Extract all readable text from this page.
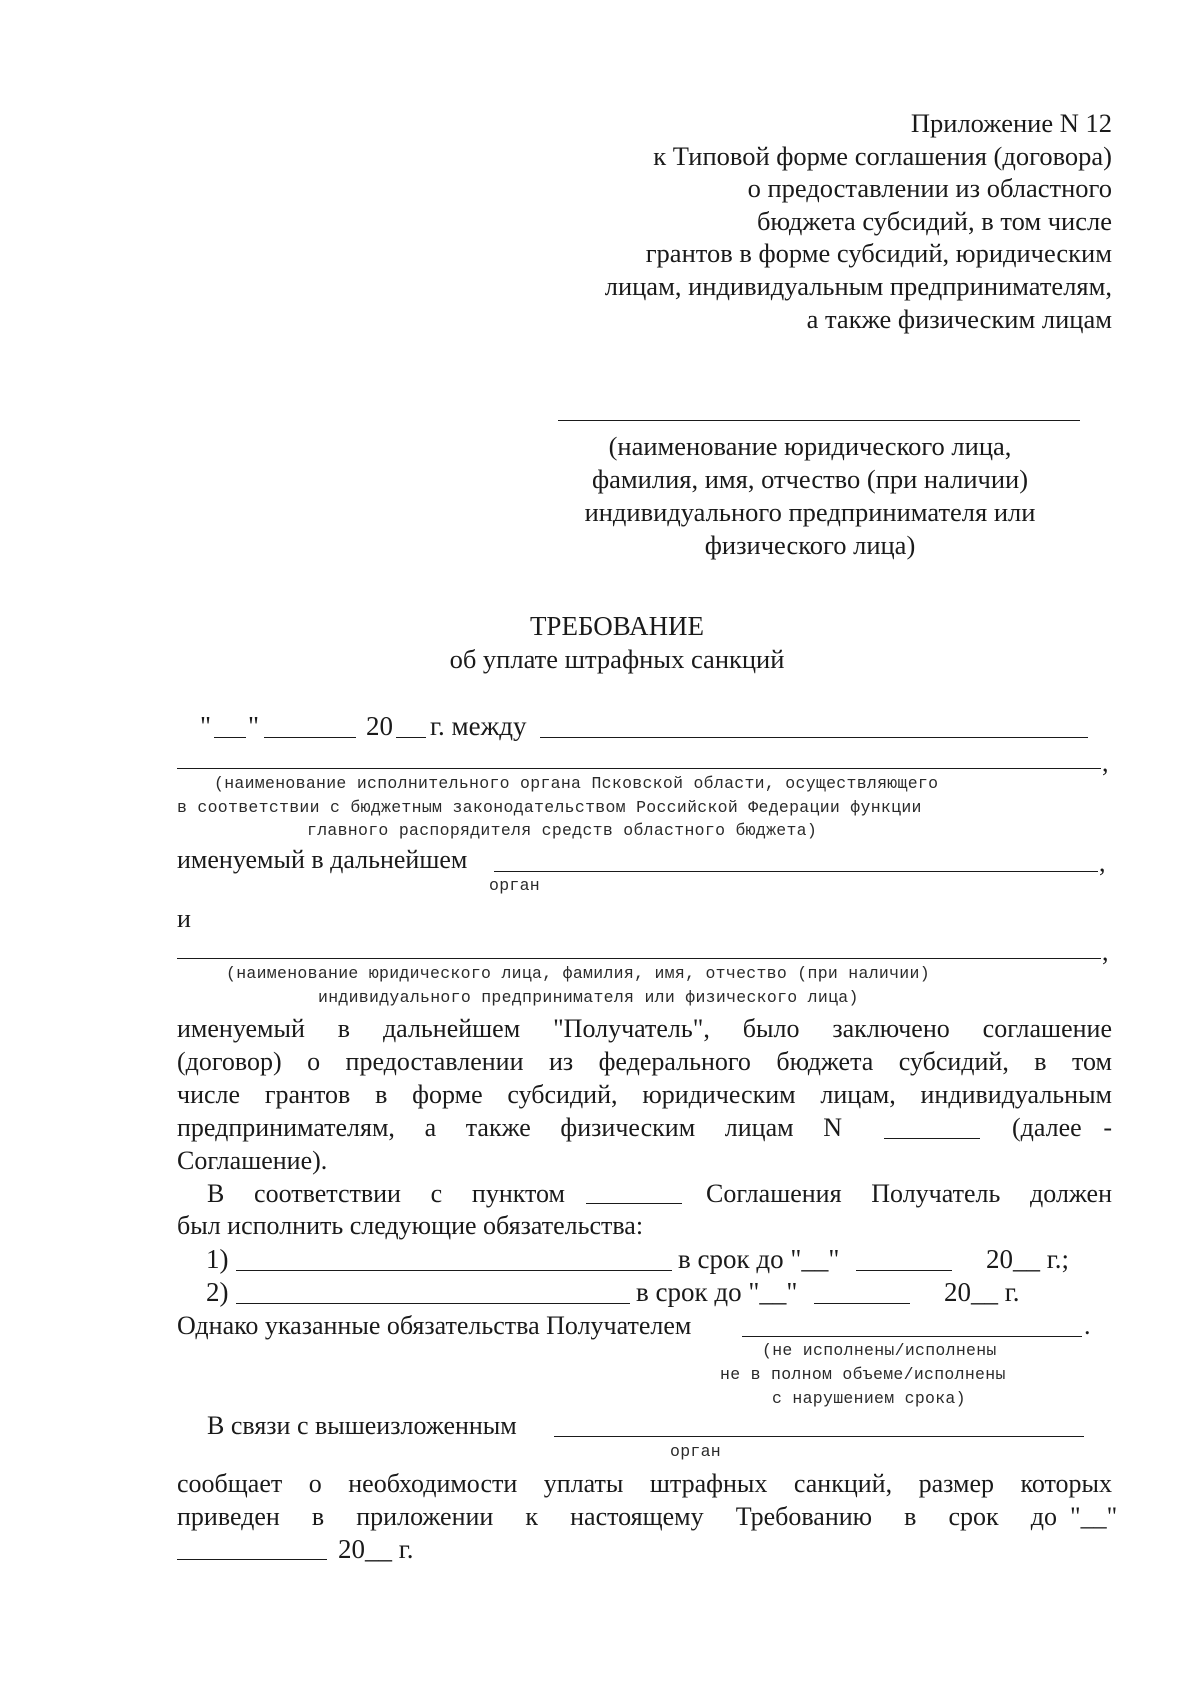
Приложение N 12
к Типовой форме соглашения (договора)
о предоставлении из областного
бюджета субсидий, в том числе
грантов в форме субсидий, юридическим
лицам, индивидуальным предпринимателям,
а также физическим лицам
(наименование юридического лица,
фамилия, имя, отчество (при наличии)
индивидуального предпринимателя или
физического лица)
ТРЕБОВАНИЕ
об уплате штрафных санкций
" "	20 г. между
,
(наименование исполнительного органа Псковской области, осуществляющего
в соответствии с бюджетным законодательством Российской Федерации функции
главного распорядителя средств областного бюджета)
именуемый в дальнейшем	,
орган
и
,
(наименование юридического лица, фамилия, имя, отчество (при наличии)
индивидуального предпринимателя или физического лица)
именуемый в дальнейшем "Получатель", было заключено соглашение
(договор) о предоставлении из федерального бюджета субсидий, в том
числе грантов в форме субсидий, юридическим лицам, индивидуальным
предпринимателям, а также физическим лицам N	(далее -
Соглашение).
В соответствии с пунктом	Соглашения Получатель должен
был исполнить следующие обязательства:
1)	в срок до "__"	20__ г.;
2)	в срок до "__"	20__ г.
Однако указанные обязательства Получателем	.
(не исполнены/исполнены
не в полном объеме/исполнены
с нарушением срока)
В связи с вышеизложенным
орган
сообщает о необходимости уплаты штрафных санкций, размер которых
приведен в приложении к настоящему Требованию в срок до "__"
20__ г.
